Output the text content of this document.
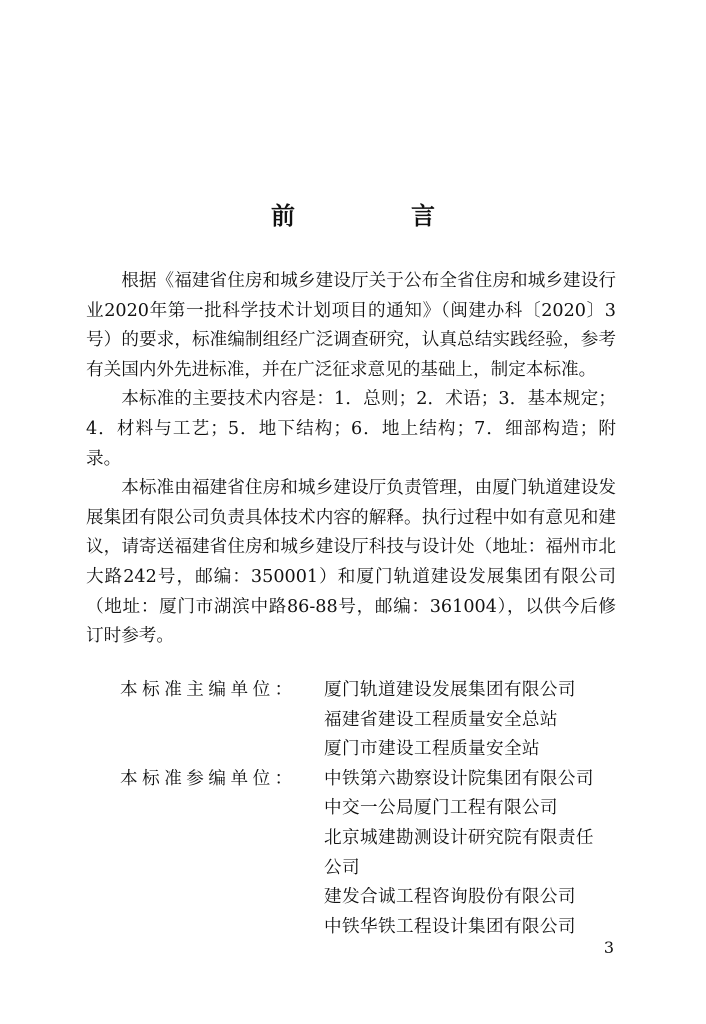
前　言

根据《福建省住房和城乡建设厅关于公布全省住房和城乡建设行业2020年第一批科学技术计划项目的通知》（闽建办科〔2020〕3号）的要求，标准编制组经广泛调查研究，认真总结实践经验，参考有关国内外先进标准，并在广泛征求意见的基础上，制定本标准。

本标准的主要技术内容是：1．总则；2．术语；3．基本规定；4．材料与工艺；5．地下结构；6．地上结构；7．细部构造；附录。

本标准由福建省住房和城乡建设厅负责管理，由厦门轨道建设发展集团有限公司负责具体技术内容的解释。执行过程中如有意见和建议，请寄送福建省住房和城乡建设厅科技与设计处（地址：福州市北大路242号，邮编：350001）和厦门轨道建设发展集团有限公司（地址：厦门市湖滨中路86-88号，邮编：361004），以供今后修订时参考。

本标准主编单位： 厦门轨道建设发展集团有限公司
福建省建设工程质量安全总站
厦门市建设工程质量安全站
本标准参编单位： 中铁第六勘察设计院集团有限公司
中交一公局厦门工程有限公司
北京城建勘测设计研究院有限责任
公司
建发合诚工程咨询股份有限公司
中铁华铁工程设计集团有限公司
3
